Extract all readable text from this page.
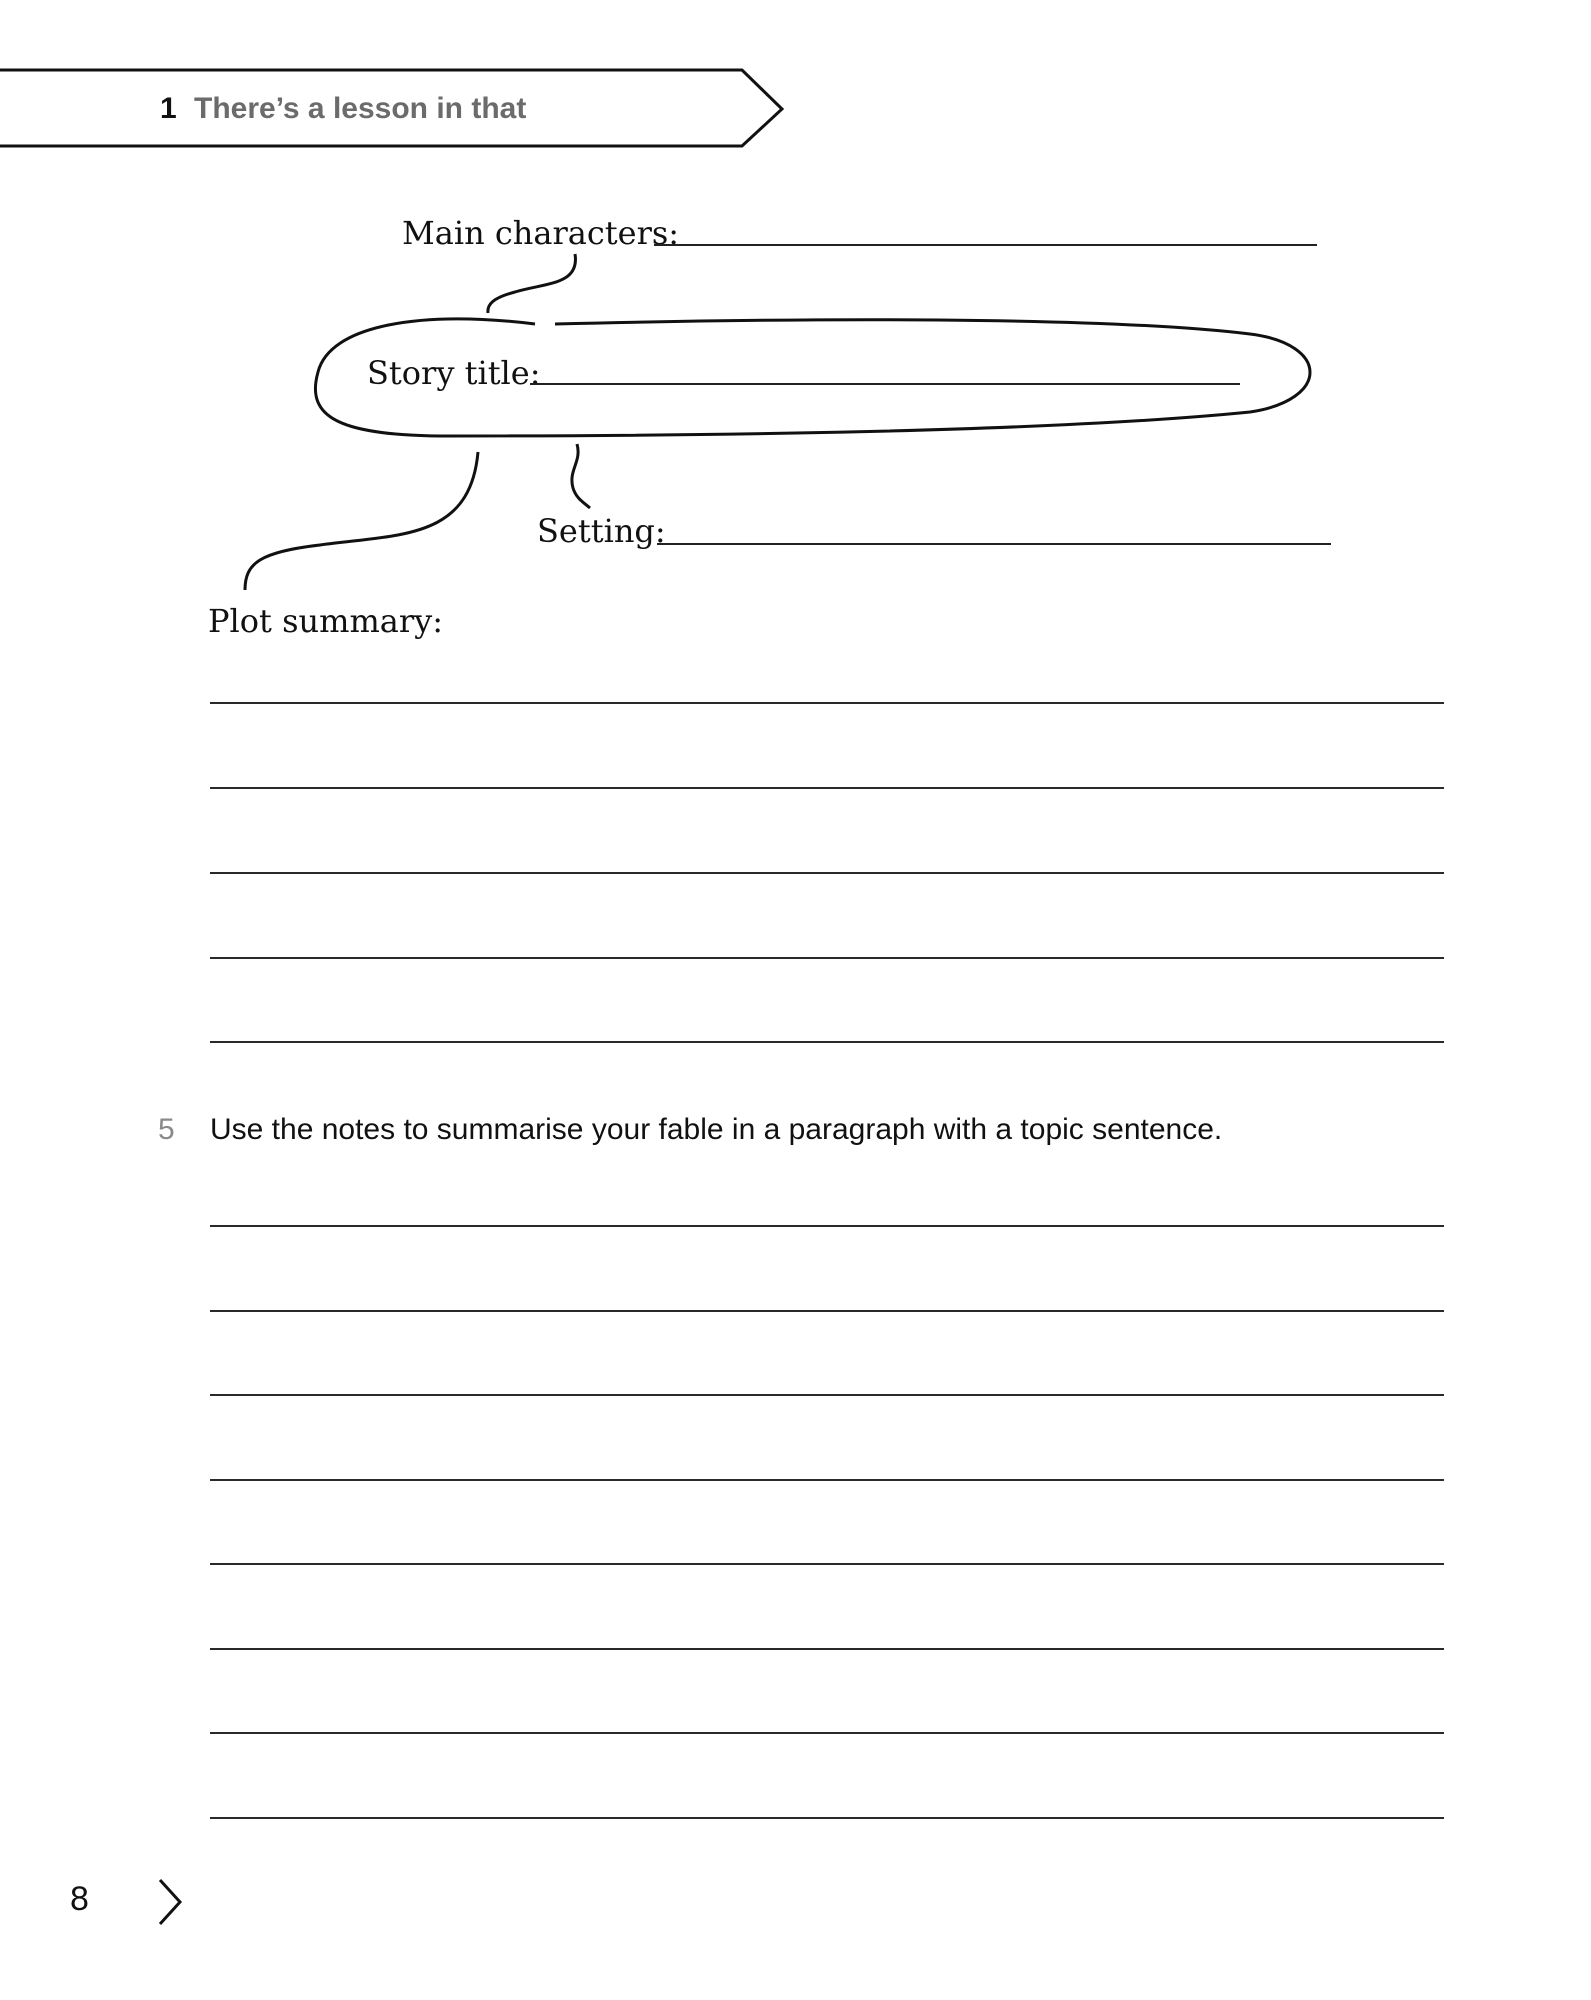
1 There’s a lesson in that
Main characters:
Story title:
Setting:
Plot summary:
5 Use the notes to summarise your fable in a paragraph with a topic sentence.
8
